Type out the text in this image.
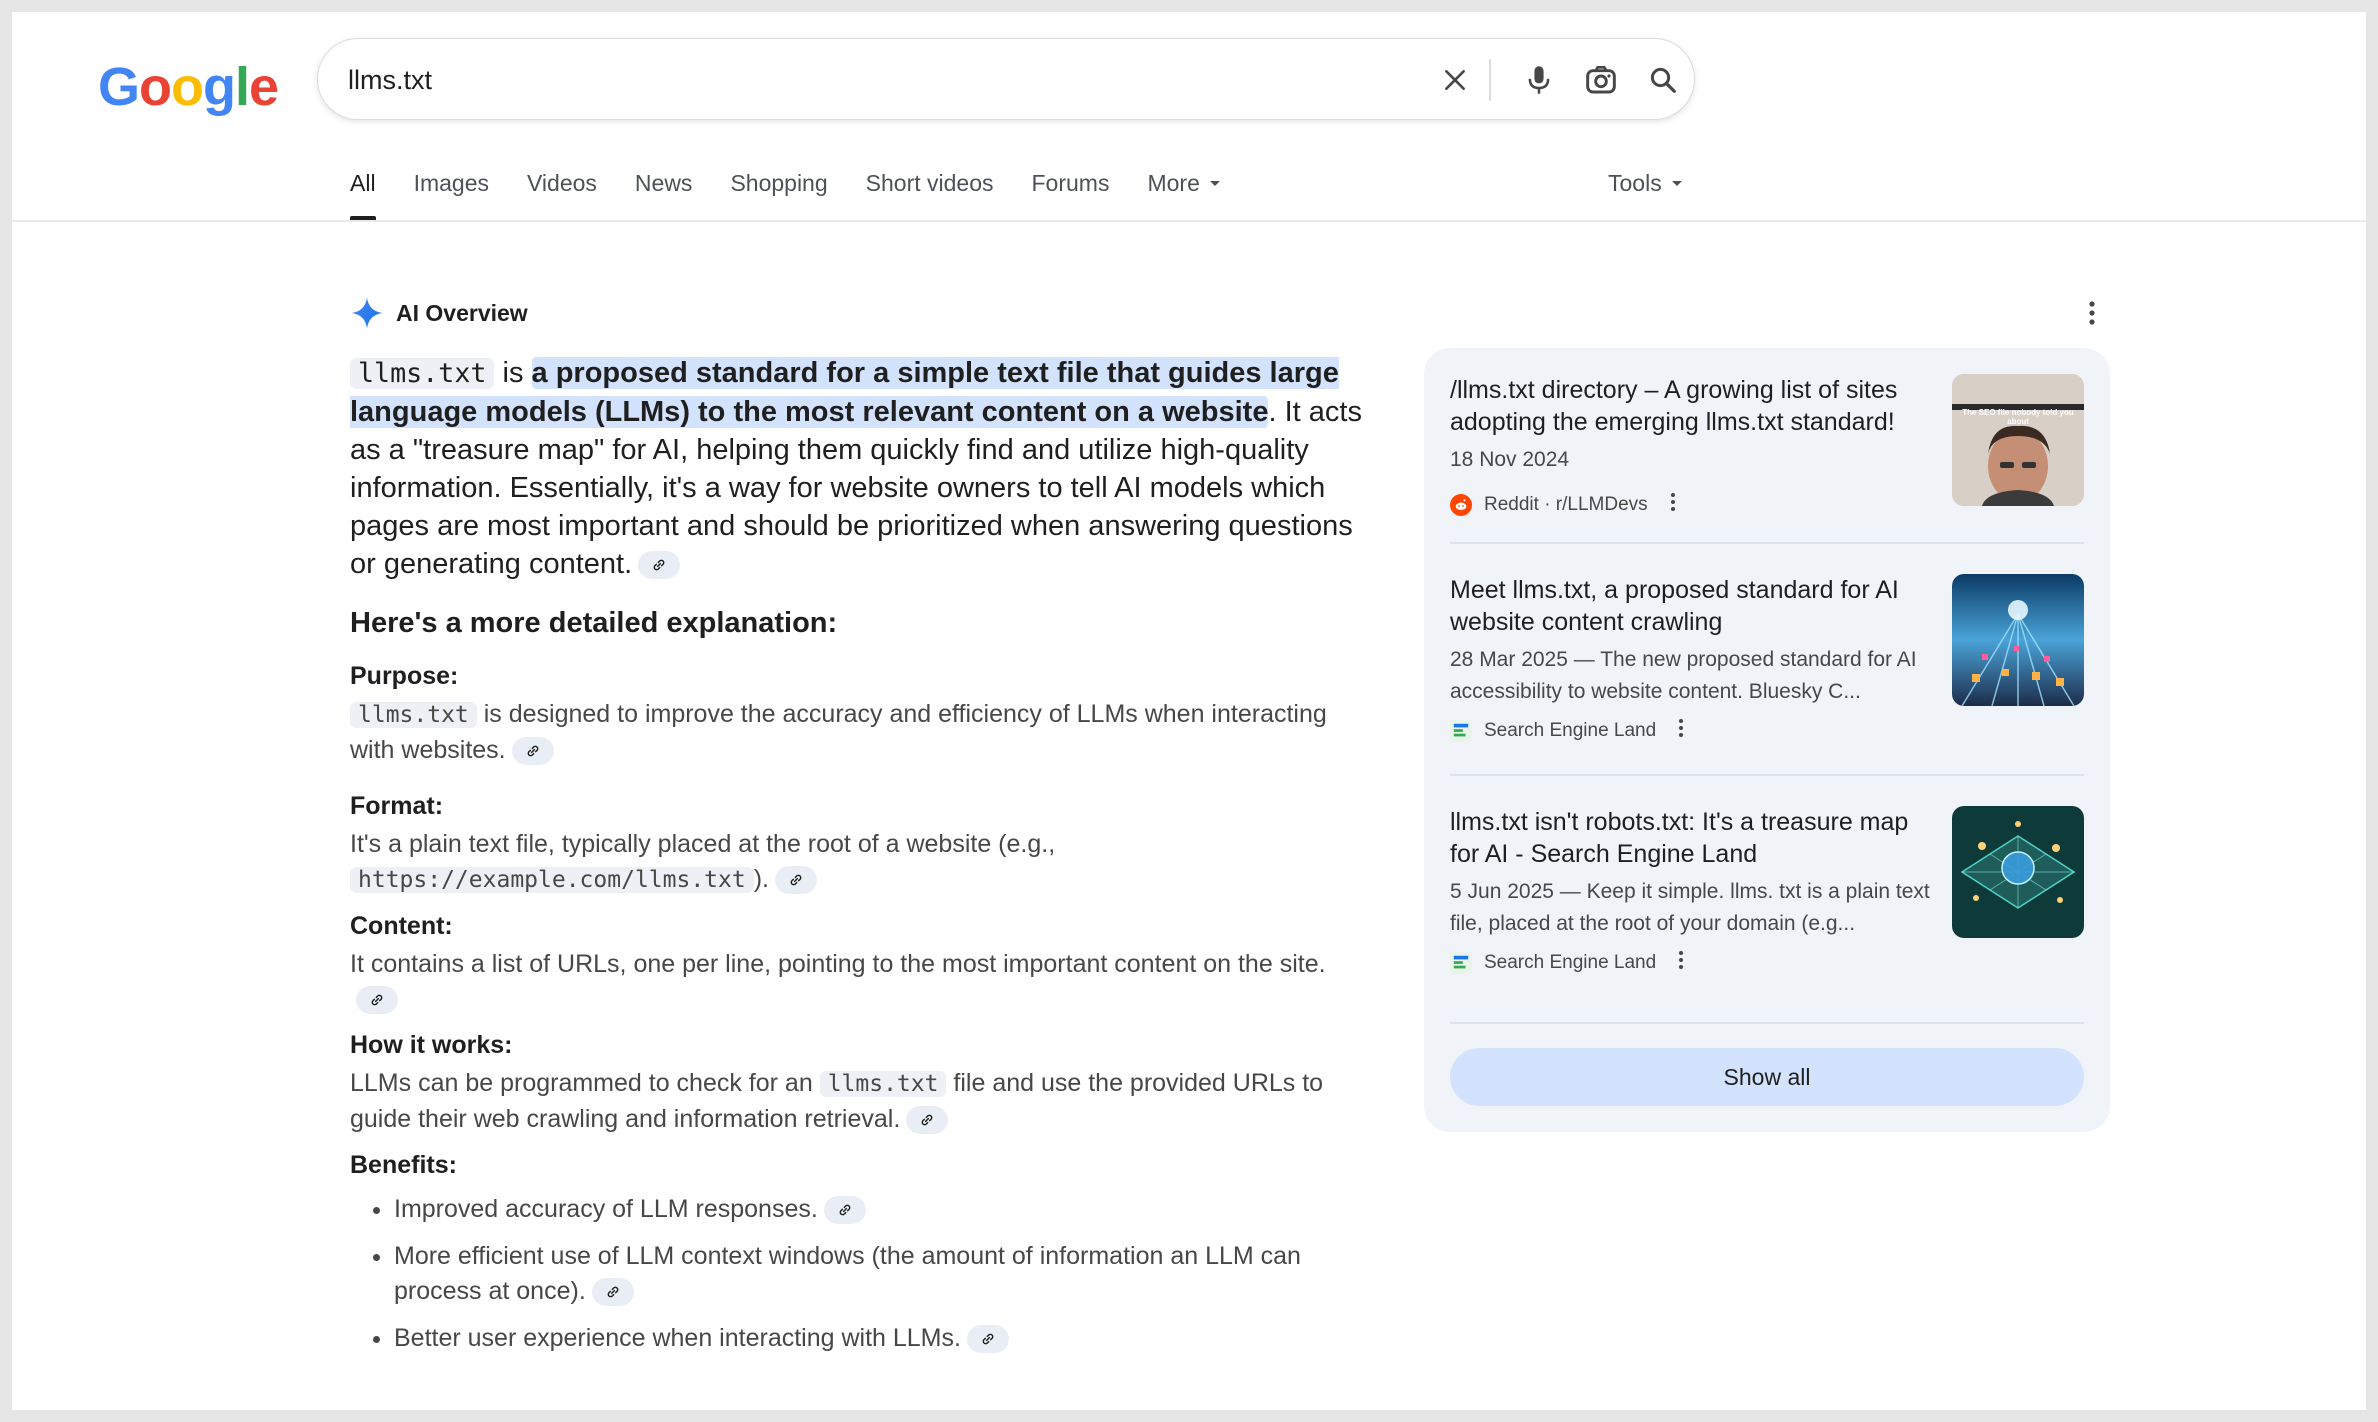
Google
llms.txt
All Images Videos News Shopping Short videos Forums More	Tools
AI Overview
llms.txt is a proposed standard for a simple text file that guides large language models (LLMs) to the most relevant content on a website. It acts as a "treasure map" for AI, helping them quickly find and utilize high-quality information. Essentially, it's a way for website owners to tell AI models which pages are most important and should be prioritized when answering questions or generating content.
Here's a more detailed explanation:
Purpose:
llms.txt is designed to improve the accuracy and efficiency of LLMs when interacting with websites.
Format:
It's a plain text file, typically placed at the root of a website (e.g., https://example.com/llms.txt ).
Content:
It contains a list of URLs, one per line, pointing to the most important content on the site.
How it works:
LLMs can be programmed to check for an llms.txt file and use the provided URLs to guide their web crawling and information retrieval.
Benefits:
• Improved accuracy of LLM responses.
• More efficient use of LLM context windows (the amount of information an LLM can process at once).
• Better user experience when interacting with LLMs.
/llms.txt directory – A growing list of sites adopting the emerging llms.txt standard!
18 Nov 2024
Reddit · r/LLMDevs
The SEO file nobody told you about
Meet llms.txt, a proposed standard for AI website content crawling
28 Mar 2025 — The new proposed standard for AI accessibility to website content. Bluesky C...
Search Engine Land
llms.txt isn't robots.txt: It's a treasure map for AI - Search Engine Land
5 Jun 2025 — Keep it simple. llms. txt is a plain text file, placed at the root of your domain (e.g...
Search Engine Land
Show all
